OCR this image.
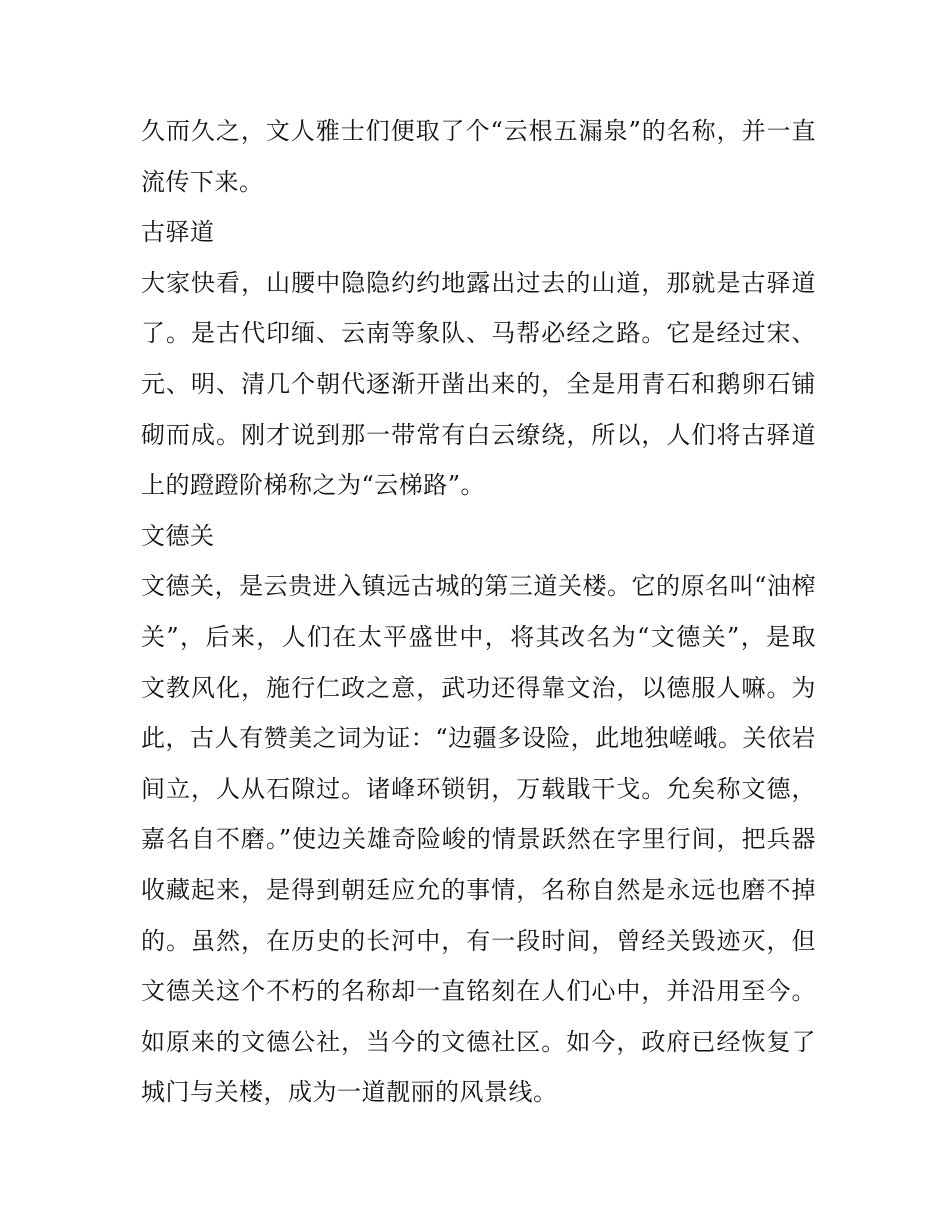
久而久之，文人雅士们便取了个“云根五漏泉”的名称，并一直流传下来。

古驿道

大家快看，山腰中隐隐约约地露出过去的山道，那就是古驿道了。是古代印缅、云南等象队、马帮必经之路。它是经过宋、元、明、清几个朝代逐渐开凿出来的，全是用青石和鹅卵石铺砌而成。刚才说到那一带常有白云缭绕，所以，人们将古驿道上的蹬蹬阶梯称之为“云梯路”。

文德关

文德关，是云贵进入镇远古城的第三道关楼。它的原名叫“油榨关”，后来，人们在太平盛世中，将其改名为“文德关”，是取文教风化，施行仁政之意，武功还得靠文治，以德服人嘛。为此，古人有赞美之词为证：“边疆多设险，此地独嵯峨。关依岩间立，人从石隙过。诸峰环锁钥，万载戢干戈。允矣称文德，嘉名自不磨。”使边关雄奇险峻的情景跃然在字里行间，把兵器收藏起来，是得到朝廷应允的事情，名称自然是永远也磨不掉的。虽然，在历史的长河中，有一段时间，曾经关毁迹灭，但文德关这个不朽的名称却一直铭刻在人们心中，并沿用至今。如原来的文德公社，当今的文德社区。如今，政府已经恢复了城门与关楼，成为一道靓丽的风景线。
